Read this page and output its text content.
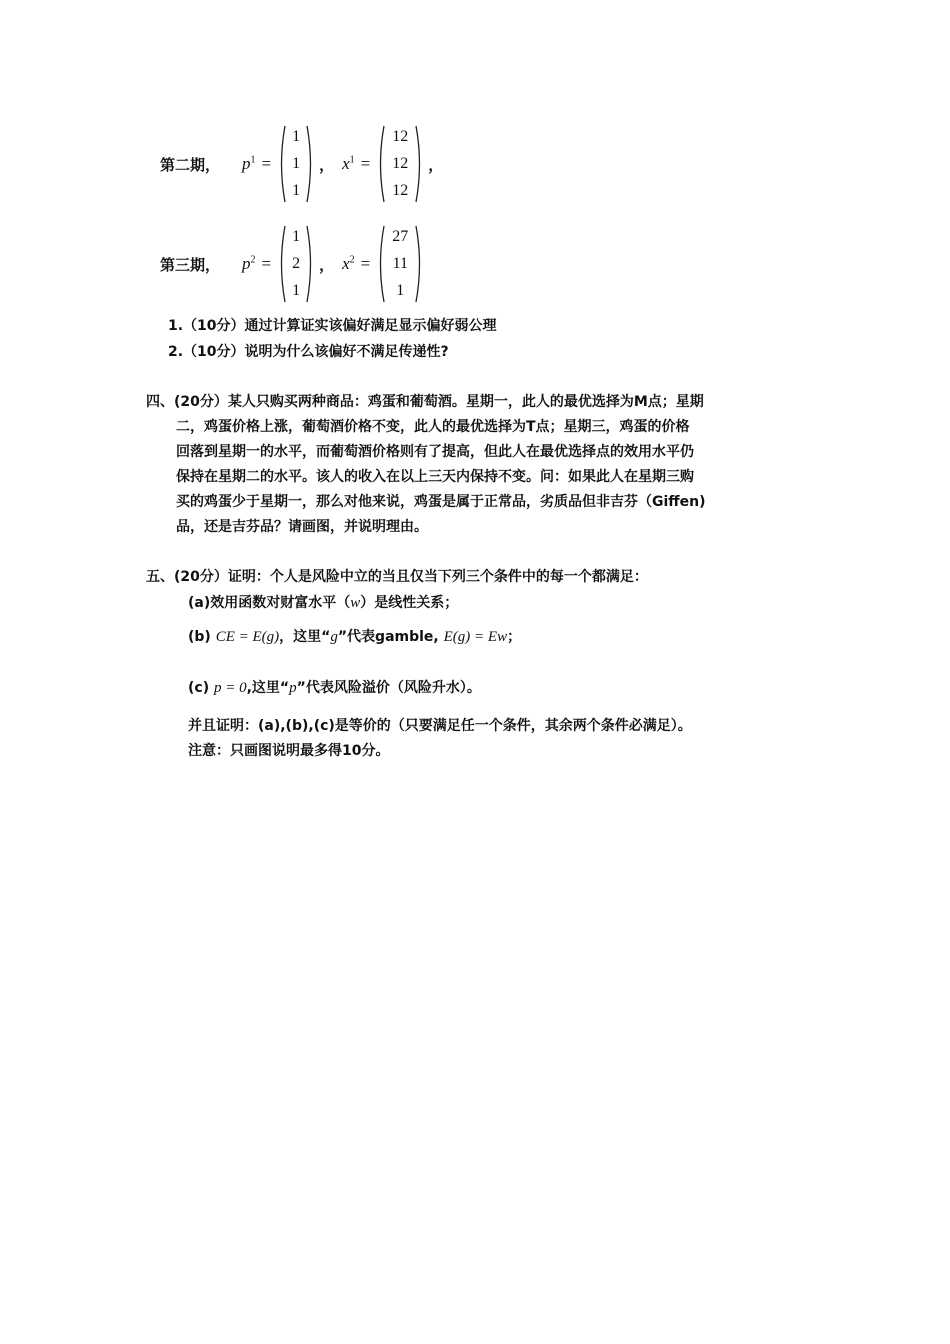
第二期， $p^1$ =
1
1
1
， $x^1$ =
12
12
12
，
第三期， $p^2$ =
1
2
1
， $x^2$ =
27
11
1
1.（10分）通过计算证实该偏好满足显示偏好弱公理
2.（10分）说明为什么该偏好不满足传递性?
四、(20分）某人只购买两种商品：鸡蛋和葡萄酒。星期一，此人的最优选择为M点；星期
二，鸡蛋价格上涨，葡萄酒价格不变，此人的最优选择为T点；星期三，鸡蛋的价格
回落到星期一的水平，而葡萄酒价格则有了提高，但此人在最优选择点的效用水平仍
保持在星期二的水平。该人的收入在以上三天内保持不变。问：如果此人在星期三购
买的鸡蛋少于星期一，那么对他来说，鸡蛋是属于正常品，劣质品但非吉芬（Giffen)
品，还是吉芬品？请画图，并说明理由。
五、(20分）证明：个人是风险中立的当且仅当下列三个条件中的每一个都满足：
(a)效用函数对财富水平（w）是线性关系；
(b) CE = E(g)，这里“g”代表gamble, E(g) = Ew；
(c) p = 0,这里“p”代表风险溢价（风险升水）。
并且证明：(a),(b),(c)是等价的（只要满足任一个条件，其余两个条件必满足）。
注意：只画图说明最多得10分。
